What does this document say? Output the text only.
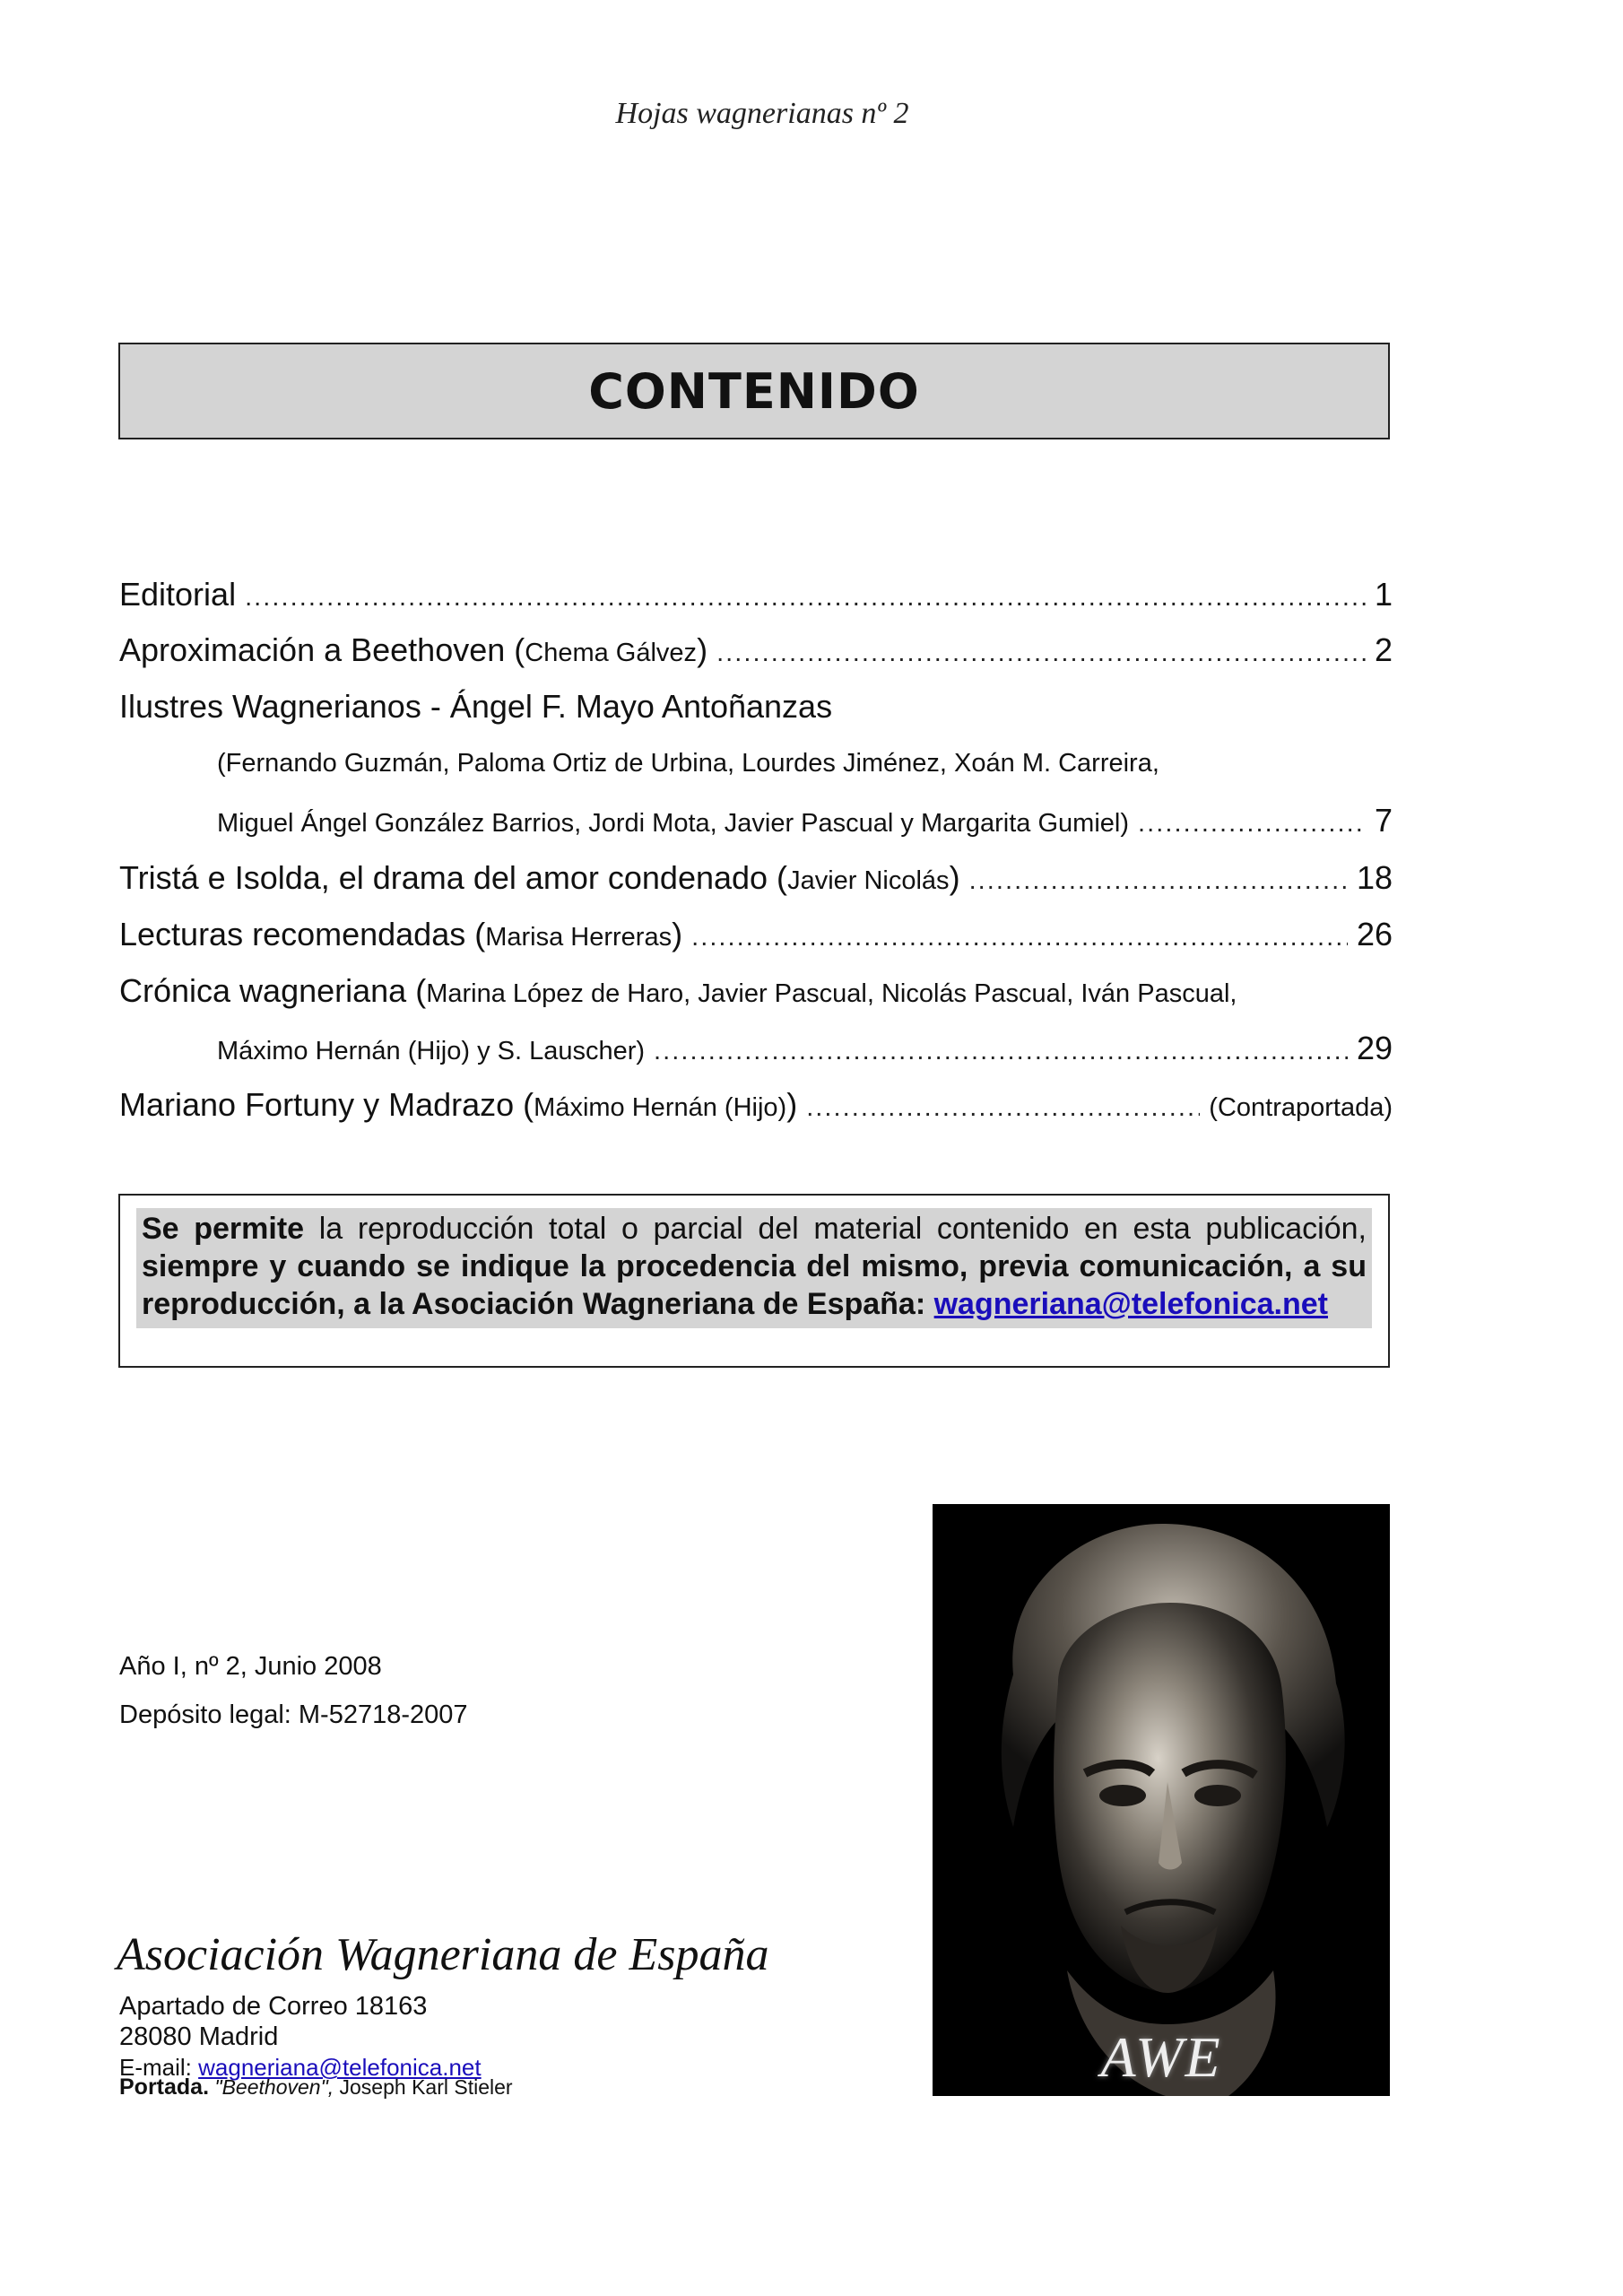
Hojas wagnerianas nº 2
CONTENIDO
Editorial . . .	1
Aproximación a Beethoven ( Chema Gálvez ) . . .	2
Ilustres Wagnerianos - Ángel F. Mayo Antoñanzas
(Fernando Guzmán, Paloma Ortiz de Urbina, Lourdes Jiménez, Xoán M. Carreira,
Miguel Ángel González Barrios, Jordi Mota, Javier Pascual y Margarita Gumiel) . . .	7
Tristá e Isolda, el drama del amor condenado ( Javier Nicolás ) . . .	18
Lecturas recomendadas ( Marisa Herreras ) . . .	26
Crónica wagneriana ( Marina López de Haro, Javier Pascual, Nicolás Pascual, Iván Pascual,
Máximo Hernán (Hijo) y S. Lauscher) . . .	29
Mariano Fortuny y Madrazo ( Máximo Hernán (Hijo) ) . . .	(Contraportada)
Se permite la reproducción total o parcial del material contenido en esta publicación, siempre y cuando se indique la procedencia del mismo, previa comunicación, a su reproducción, a la Asociación Wagneriana de España: wagneriana@telefonica.net
Año I, nº 2, Junio 2008
Depósito legal: M-52718-2007
Asociación Wagneriana de España
Apartado de Correo 18163
28080 Madrid
E-mail: wagneriana@telefonica.net
Portada. "Beethoven", Joseph Karl Stieler	AWE
